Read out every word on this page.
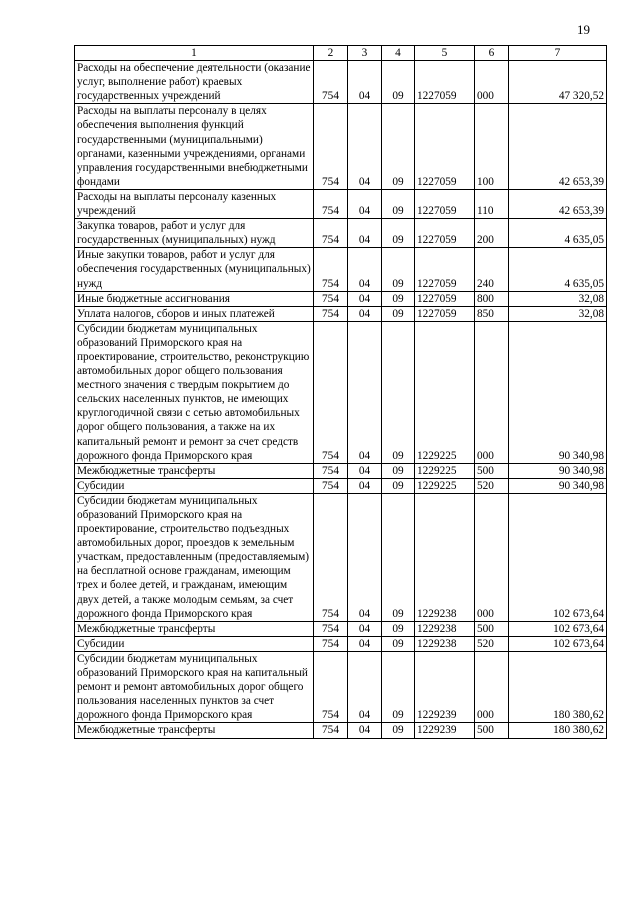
19
1	2	3	4	5	6	7
Расходы на обеспечение деятельности (оказание услуг, выполнение работ) краевых государственных учреждений	754	04	09	1227059	000	47 320,52
Расходы на выплаты персоналу в целях обеспечения выполнения функций государственными (муниципальными) органами, казенными учреждениями, органами управления государственными внебюджетными фондами	754	04	09	1227059	100	42 653,39
Расходы на выплаты персоналу казенных учреждений	754	04	09	1227059	110	42 653,39
Закупка товаров, работ и услуг для государственных (муниципальных) нужд	754	04	09	1227059	200	4 635,05
Иные закупки товаров, работ и услуг для обеспечения государственных (муниципальных) нужд	754	04	09	1227059	240	4 635,05
Иные бюджетные ассигнования	754	04	09	1227059	800	32,08
Уплата налогов, сборов и иных платежей	754	04	09	1227059	850	32,08
Субсидии бюджетам муниципальных образований Приморского края на проектирование, строительство, реконструкцию автомобильных дорог общего пользования местного значения с твердым покрытием до сельских населенных пунктов, не имеющих круглогодичной связи с сетью автомобильных дорог общего пользования, а также на их капитальный ремонт и ремонт за счет средств дорожного фонда Приморского края	754	04	09	1229225	000	90 340,98
Межбюджетные трансферты	754	04	09	1229225	500	90 340,98
Субсидии	754	04	09	1229225	520	90 340,98
Субсидии бюджетам муниципальных образований Приморского края на проектирование, строительство подъездных автомобильных дорог, проездов к земельным участкам, предоставленным (предоставляемым) на бесплатной основе гражданам, имеющим трех и более детей, и гражданам, имеющим двух детей, а также молодым семьям, за счет дорожного фонда Приморского края	754	04	09	1229238	000	102 673,64
Межбюджетные трансферты	754	04	09	1229238	500	102 673,64
Субсидии	754	04	09	1229238	520	102 673,64
Субсидии бюджетам муниципальных образований Приморского края на капитальный ремонт и ремонт автомобильных дорог общего пользования населенных пунктов за счет дорожного фонда Приморского края	754	04	09	1229239	000	180 380,62
Межбюджетные трансферты	754	04	09	1229239	500	180 380,62
